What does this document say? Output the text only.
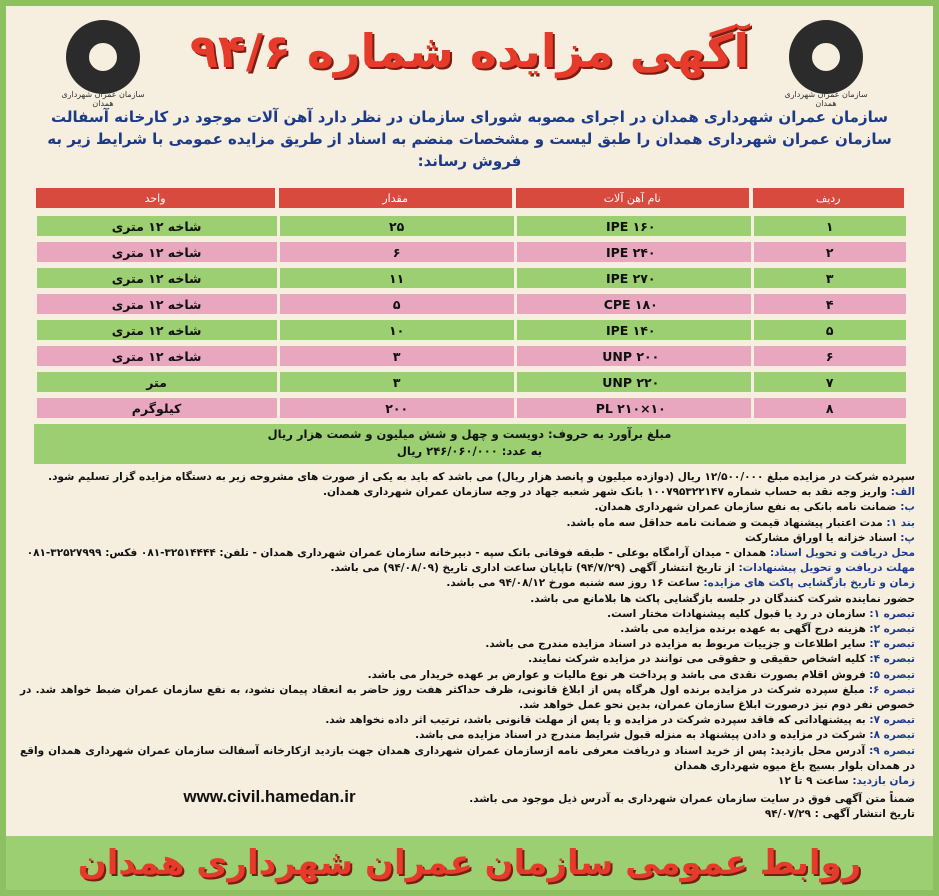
سازمان عمران شهرداری همدان
آگهی مزایده شماره ۹۴/۶
سازمان عمران شهرداری همدان
سازمان عمران شهرداری همدان در اجرای مصوبه شورای سازمان در نظر دارد آهن آلات موجود در کارخانه آسفالت سازمان عمران شهرداری همدان را طبق لیست و مشخصات منضم به اسناد از طریق مزایده عمومی با شرایط زیر به فروش رساند:
ردیف	نام آهن آلات	مقدار	واحد
۱	IPE ۱۶۰	۲۵	شاخه ۱۲ متری
۲	IPE ۲۴۰	۶	شاخه ۱۲ متری
۳	IPE ۲۷۰	۱۱	شاخه ۱۲ متری
۴	CPE ۱۸۰	۵	شاخه ۱۲ متری
۵	IPE ۱۴۰	۱۰	شاخه ۱۲ متری
۶	UNP ۲۰۰	۳	شاخه ۱۲ متری
۷	UNP ۲۲۰	۳	متر
۸	PL ۲۱۰×۱۰	۲۰۰	کیلوگرم
مبلغ برآورد به حروف: دویست و چهل و شش میلیون و شصت هزار ریال
به عدد: ۲۴۶/۰۶۰/۰۰۰ ریال

سپرده شرکت در مزایده مبلغ ۱۲/۵۰۰/۰۰۰ ریال (دوازده میلیون و پانصد هزار ریال) می باشد که باید به یکی از صورت های مشروحه زیر به دستگاه مزایده گزار تسلیم شود.

الف: واریز وجه نقد به حساب شماره ۱۰۰۷۹۵۳۲۲۱۴۷ بانک شهر شعبه جهاد در وجه سازمان عمران شهرداری همدان.

ب: ضمانت نامه بانکی به نفع سازمان عمران شهرداری همدان.

بند ۱: مدت اعتبار پیشنهاد قیمت و ضمانت نامه حداقل سه ماه باشد.

پ: اسناد خزانه یا اوراق مشارکت

محل دریافت و تحویل اسناد: همدان - میدان آرامگاه بوعلی - طبقه فوقانی بانک سپه - دبیرخانه سازمان عمران شهرداری همدان - تلفن: ۳۲۵۱۴۴۴۴-۰۸۱ فکس: ۳۲۵۲۷۹۹۹-۰۸۱

مهلت دریافت و تحویل پیشنهادات: از تاریخ انتشار آگهی (۹۴/۷/۲۹) تاپایان ساعت اداری تاریخ (۹۴/۰۸/۰۹) می باشد.

زمان و تاریخ بازگشایی پاکت های مزایده: ساعت ۱۶ روز سه شنبه مورخ ۹۴/۰۸/۱۲ می باشد.

حضور نماینده شرکت کنندگان در جلسه بازگشایی پاکت ها بلامانع می باشد.

تبصره ۱: سازمان در رد یا قبول کلیه پیشنهادات مختار است.

تبصره ۲: هزینه درج آگهی به عهده برنده مزایده می باشد.

تبصره ۳: سایر اطلاعات و جزییات مربوط به مزایده در اسناد مزایده مندرج می باشد.

تبصره ۴: کلیه اشخاص حقیقی و حقوقی می توانند در مزایده شرکت نمایند.

تبصره ۵: فروش اقلام بصورت نقدی می باشد و پرداخت هر نوع مالیات و عوارض بر عهده خریدار می باشد.

تبصره ۶: مبلغ سپرده شرکت در مزایده برنده اول هرگاه پس از ابلاغ قانونی، ظرف حداکثر هفت روز حاضر به انعقاد پیمان نشود، به نفع سازمان عمران ضبط خواهد شد. در خصوص نفر دوم نیز درصورت ابلاغ سازمان عمران، بدین نحو عمل خواهد شد.

تبصره ۷: به پیشنهاداتی که فاقد سپرده شرکت در مزایده و یا پس از مهلت قانونی باشد، ترتیب اثر داده نخواهد شد.

تبصره ۸: شرکت در مزایده و دادن پیشنهاد به منزله قبول شرایط مندرج در اسناد مزایده می باشد.

تبصره ۹: آدرس محل بازدید: پس از خرید اسناد و دریافت معرفی نامه ازسازمان عمران شهرداری همدان جهت بازدید ازکارخانه آسفالت سازمان عمران شهرداری همدان واقع در همدان بلوار بسیج باغ میوه شهرداری همدان

زمان بازدید: ساعت ۹ تا ۱۲

ضمناً متن آگهی فوق در سایت سازمان عمران شهرداری به آدرس ذیل موجود می باشد. www.civil.hamedan.ir

تاریخ انتشار آگهی : ۹۴/۰۷/۲۹

روابط عمومی سازمان عمران شهرداری همدان
